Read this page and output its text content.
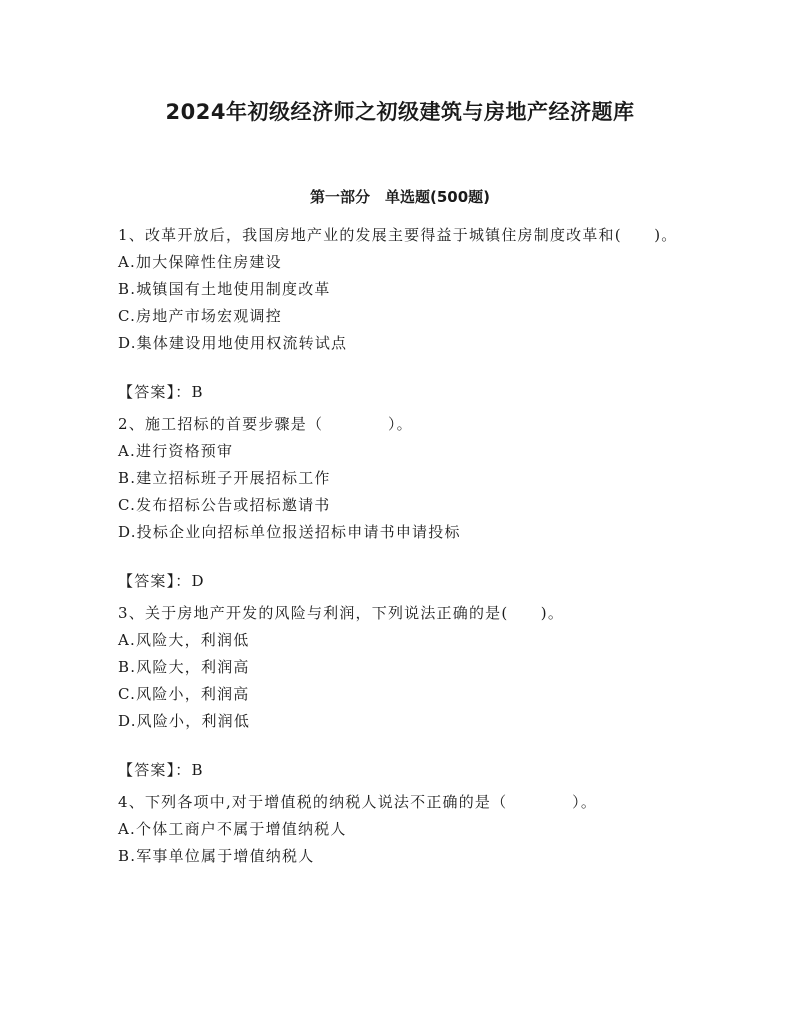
2024年初级经济师之初级建筑与房地产经济题库
第一部分　单选题(500题)

1、改革开放后，我国房地产业的发展主要得益于城镇住房制度改革和(　　)。

A.加大保障性住房建设

B.城镇国有土地使用制度改革

C.房地产市场宏观调控

D.集体建设用地使用权流转试点

【答案】：B

2、施工招标的首要步骤是（　　　　）。

A.进行资格预审

B.建立招标班子开展招标工作

C.发布招标公告或招标邀请书

D.投标企业向招标单位报送招标申请书申请投标

【答案】：D

3、关于房地产开发的风险与利润，下列说法正确的是(　　)。

A.风险大，利润低

B.风险大，利润高

C.风险小，利润高

D.风险小，利润低

【答案】：B

4、下列各项中,对于增值税的纳税人说法不正确的是（　　　　）。

A.个体工商户不属于增值纳税人

B.军事单位属于增值纳税人
